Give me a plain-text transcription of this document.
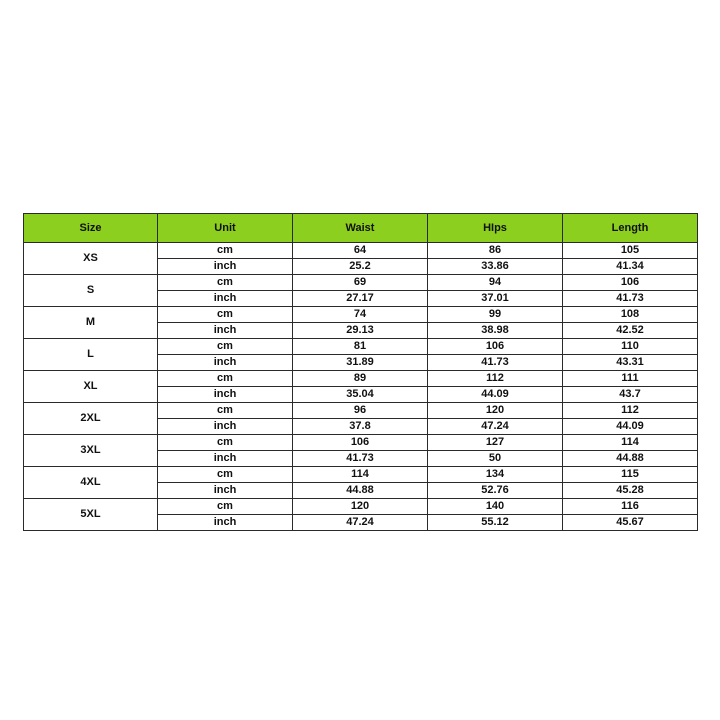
Size	Unit	Waist	HIps	Length
XS	cm	64	86	105
	inch	25.2	33.86	41.34
S	cm	69	94	106
	inch	27.17	37.01	41.73
M	cm	74	99	108
	inch	29.13	38.98	42.52
L	cm	81	106	110
	inch	31.89	41.73	43.31
XL	cm	89	112	111
	inch	35.04	44.09	43.7
2XL	cm	96	120	112
	inch	37.8	47.24	44.09
3XL	cm	106	127	114
	inch	41.73	50	44.88
4XL	cm	114	134	115
	inch	44.88	52.76	45.28
5XL	cm	120	140	116
	inch	47.24	55.12	45.67
